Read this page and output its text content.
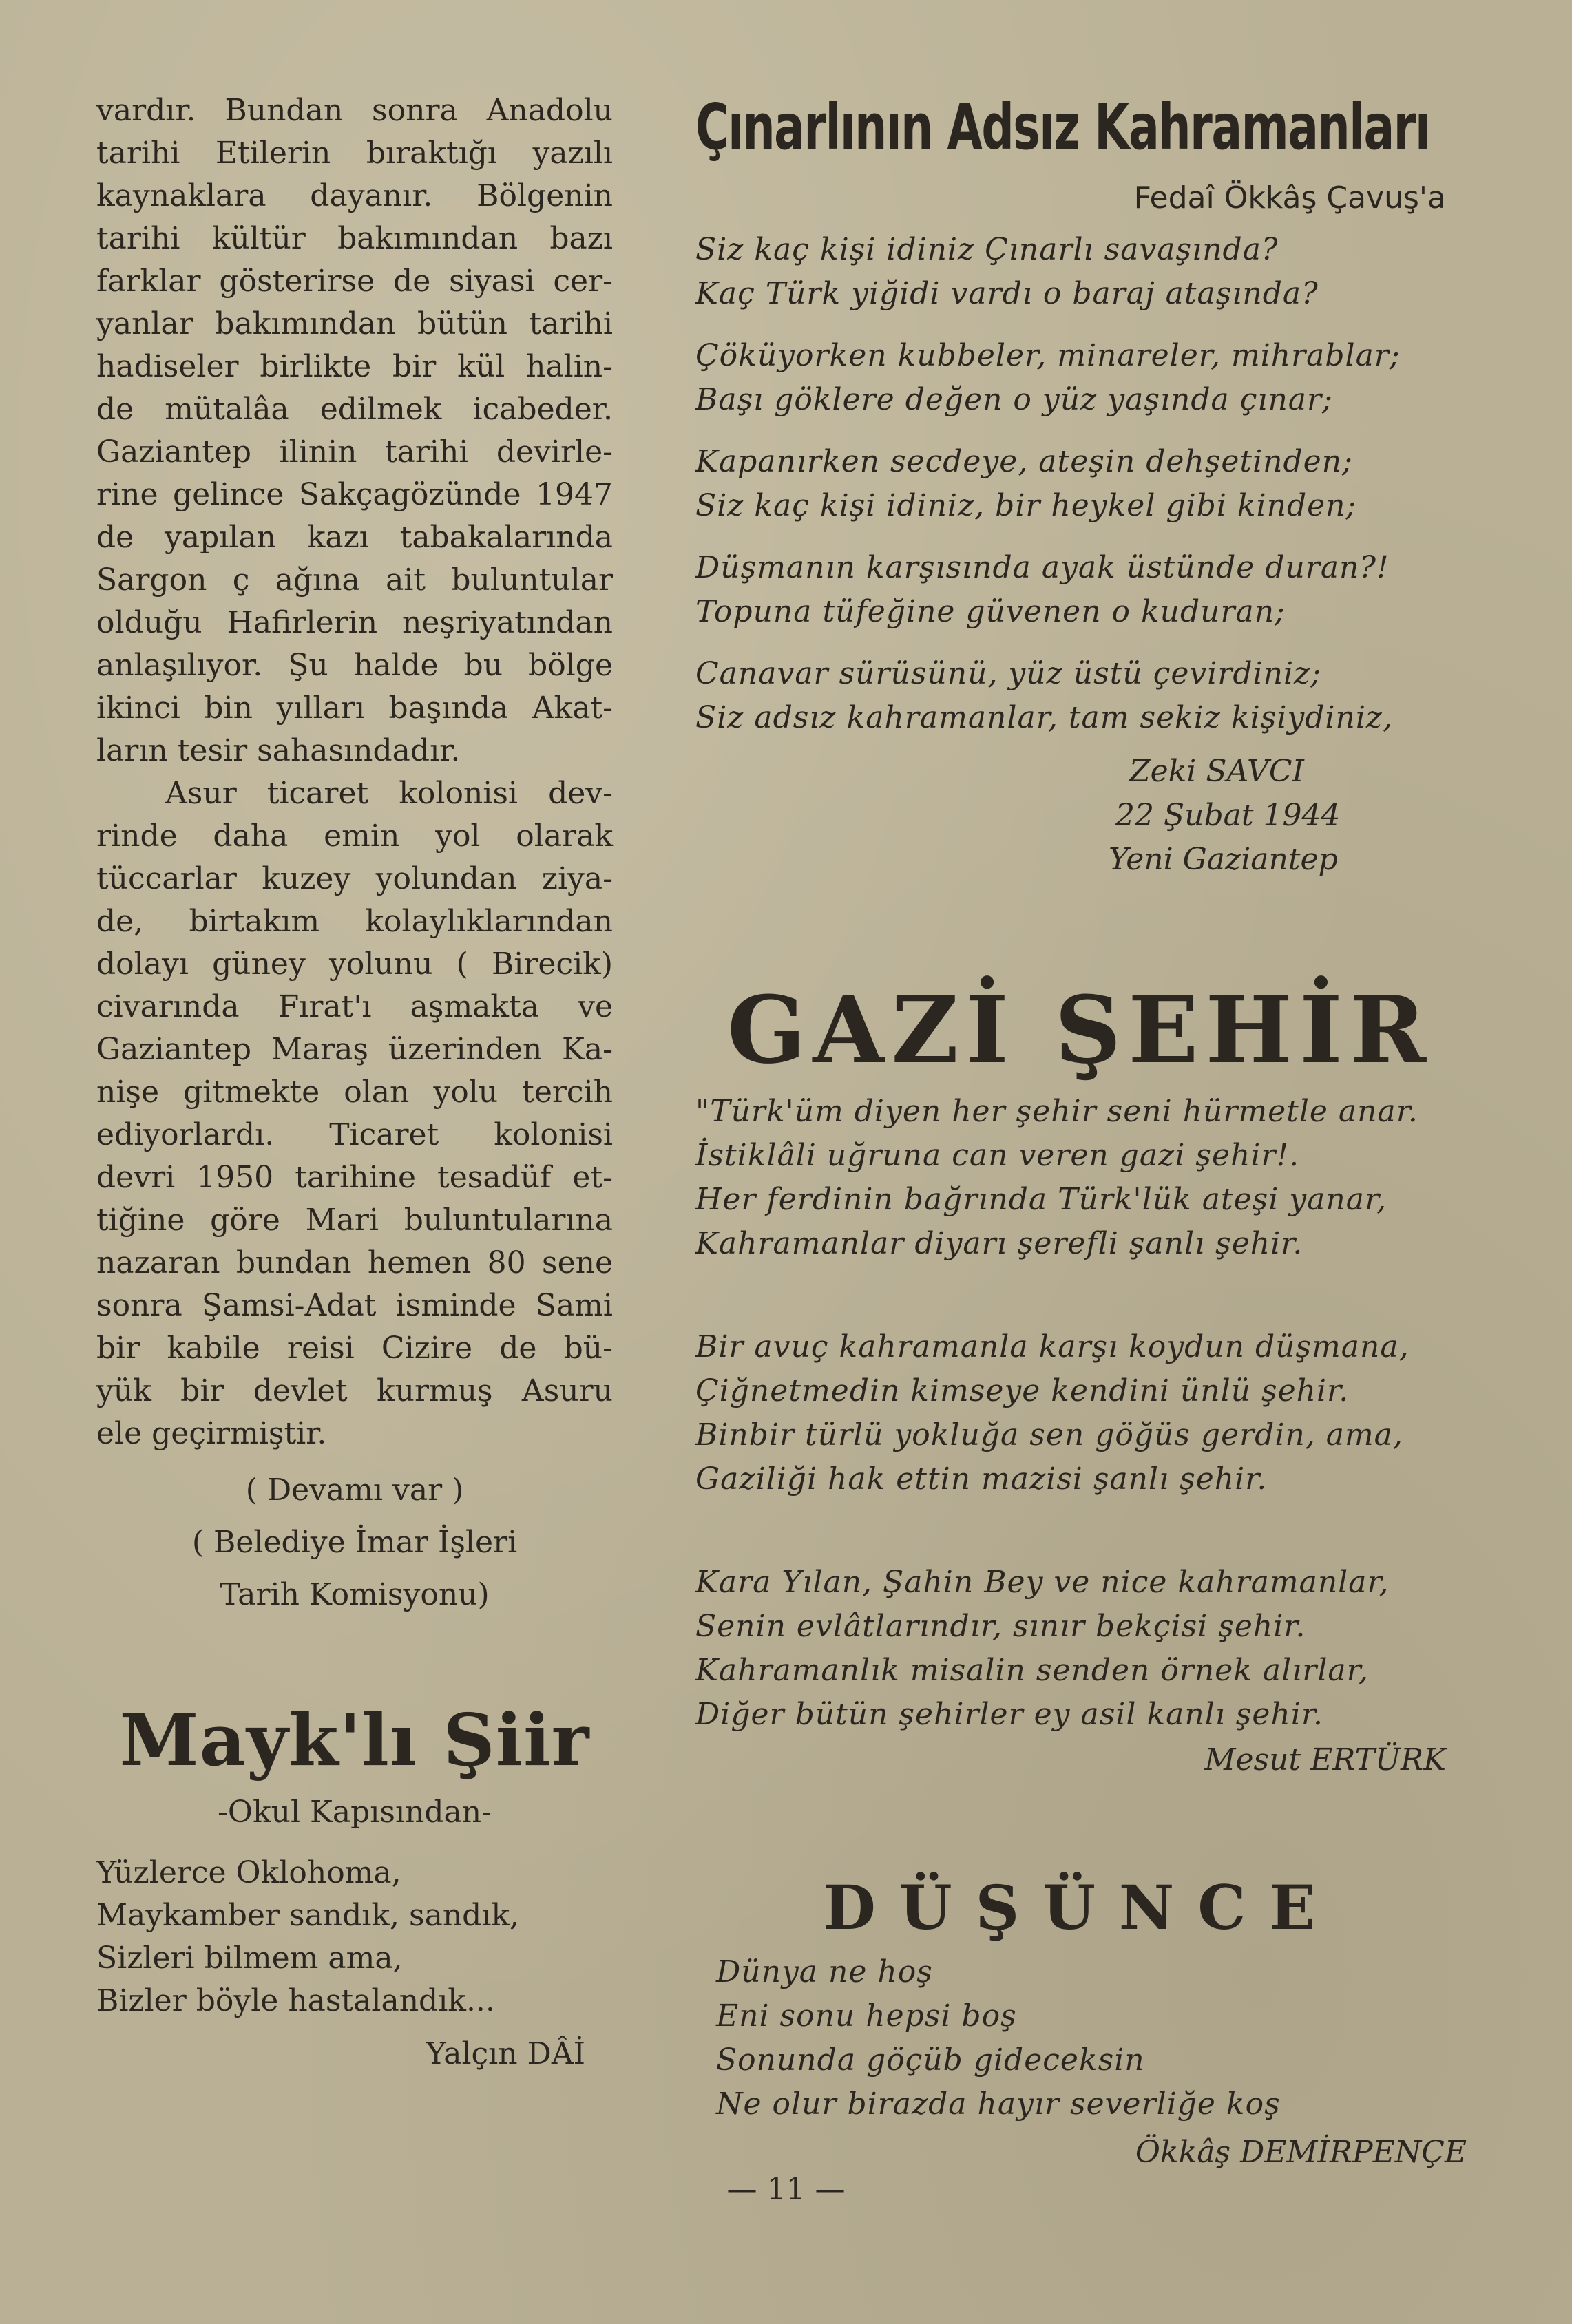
vardır. Bundan sonra Anadolu

tarihi Etilerin bıraktığı yazılı

kaynaklara dayanır. Bölgenin

tarihi kültür bakımından bazı

farklar gösterirse de siyasi cer-

yanlar bakımından bütün tarihi

hadiseler birlikte bir kül halin-

de mütalâa edilmek icabeder.

Gaziantep ilinin tarihi devirle-

rine gelince Sakçagözünde 1947

de yapılan kazı tabakalarında

Sargon ç ağına ait buluntular

olduğu Hafirlerin neşriyatından

anlaşılıyor. Şu halde bu bölge

ikinci bin yılları başında Akat-

ların tesir sahasındadır.

Asur ticaret kolonisi dev-

rinde daha emin yol olarak

tüccarlar kuzey yolundan ziya-

de, birtakım kolaylıklarından

dolayı güney yolunu ( Birecik)

civarında Fırat'ı aşmakta ve

Gaziantep Maraş üzerinden Ka-

nişe gitmekte olan yolu tercih

ediyorlardı. Ticaret kolonisi

devri 1950 tarihine tesadüf et-

tiğine göre Mari buluntularına

nazaran bundan hemen 80 sene

sonra Şamsi-Adat isminde Sami

bir kabile reisi Cizire de bü-

yük bir devlet kurmuş Asuru

ele geçirmiştir.

( Devamı var )
( Belediye İmar İşleri
Tarih Komisyonu)
Mayk'lı Şiir
-Okul Kapısından-
Yüzlerce Oklohoma,
Maykamber sandık, sandık,
Sizleri bilmem ama,
Bizler böyle hastalandık...
Yalçın DÂİ
Çınarlının Adsız Kahramanları
Fedaî Ökkâş Çavuş'a
Siz kaç kişi idiniz Çınarlı savaşında?
Kaç Türk yiğidi vardı o baraj ataşında?
Çöküyorken kubbeler, minareler, mihrablar;
Başı göklere değen o yüz yaşında çınar;
Kapanırken secdeye, ateşin dehşetinden;
Siz kaç kişi idiniz, bir heykel gibi kinden;
Düşmanın karşısında ayak üstünde duran?!
Topuna tüfeğine güvenen o kuduran;
Canavar sürüsünü, yüz üstü çevirdiniz;
Siz adsız kahramanlar, tam sekiz kişiydiniz,
Zeki SAVCI
22 Şubat 1944
Yeni Gaziantep
GAZİ ŞEHİR
"Türk'üm diyen her şehir seni hürmetle anar.
İstiklâli uğruna can veren gazi şehir!.
Her ferdinin bağrında Türk'lük ateşi yanar,
Kahramanlar diyarı şerefli şanlı şehir.
Bir avuç kahramanla karşı koydun düşmana,
Çiğnetmedin kimseye kendini ünlü şehir.
Binbir türlü yokluğa sen göğüs gerdin, ama,
Gaziliği hak ettin mazisi şanlı şehir.
Kara Yılan, Şahin Bey ve nice kahramanlar,
Senin evlâtlarındır, sınır bekçisi şehir.
Kahramanlık misalin senden örnek alırlar,
Diğer bütün şehirler ey asil kanlı şehir.
Mesut ERTÜRK
DÜŞÜNCE
Dünya ne hoş
Eni sonu hepsi boş
Sonunda göçüb gideceksin
Ne olur birazda hayır severliğe koş
Ökkâş DEMİRPENÇE
— 11 —
